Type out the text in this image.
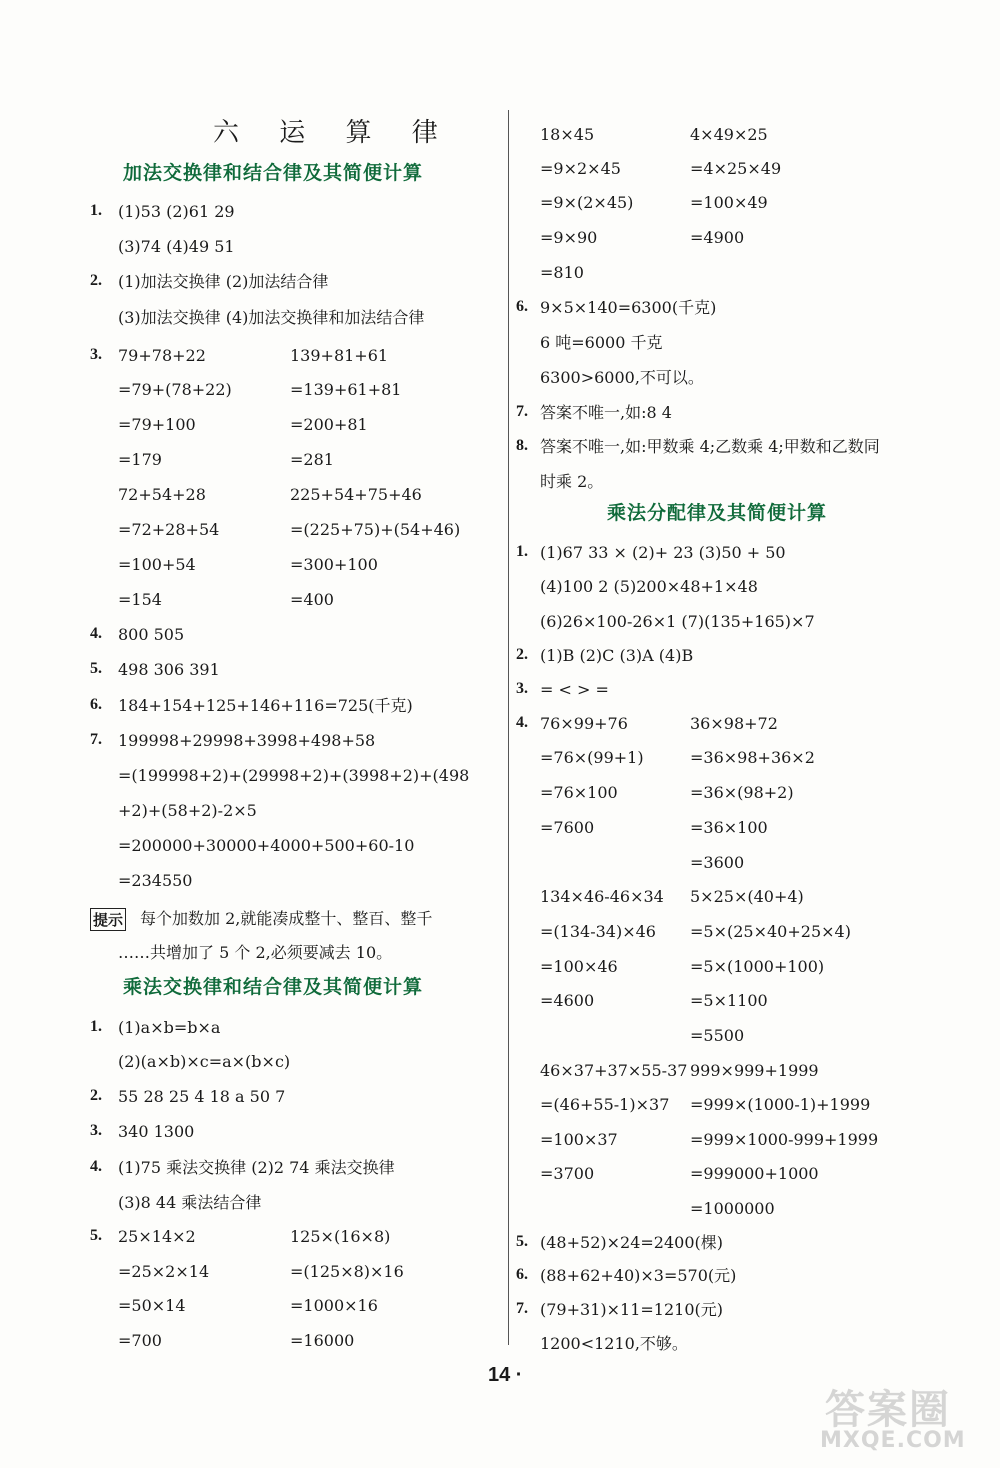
六 运 算 律
加法交换律和结合律及其简便计算
乘法交换律和结合律及其简便计算
乘法分配律及其简便计算
1. (1)53 (2)61 29
(3)74 (4)49 51
2. (1)加法交换律 (2)加法结合律
(3)加法交换律 (4)加法交换律和加法结合律
3. 79+78+22	139+81+61
=79+(78+22)	=139+61+81
=79+100	=200+81
=179	=281
72+54+28	225+54+75+46
=72+28+54	=(225+75)+(54+46)
=100+54	=300+100
=154	=400
4. 800 505
5. 498 306 391
6. 184+154+125+146+116=725(千克)
7. 199998+29998+3998+498+58
=(199998+2)+(29998+2)+(3998+2)+(498
+2)+(58+2)-2×5
=200000+30000+4000+500+60-10
=234550
提示 每个加数加 2,就能凑成整十、整百、整千
……共增加了 5 个 2,必须要减去 10。
1. (1)a×b=b×a
(2)(a×b)×c=a×(b×c)
2. 55 28 25 4 18 a 50 7
3. 340 1300
4. (1)75 乘法交换律 (2)2 74 乘法交换律
(3)8 44 乘法结合律
5. 25×14×2	125×(16×8)
=25×2×14	=(125×8)×16
=50×14	=1000×16
=700	=16000
18×45	4×49×25
=9×2×45	=4×25×49
=9×(2×45)	=100×49
=9×90	=4900
=810
6. 9×5×140=6300(千克)
6 吨=6000 千克
6300>6000,不可以。
7. 答案不唯一,如:8 4
8. 答案不唯一,如:甲数乘 4;乙数乘 4;甲数和乙数同
时乘 2。
1. (1)67 33 × (2)+ 23 (3)50 + 50
(4)100 2 (5)200×48+1×48
(6)26×100-26×1 (7)(135+165)×7
2. (1)B (2)C (3)A (4)B
3. = < > =
4. 76×99+76	36×98+72
=76×(99+1)	=36×98+36×2
=76×100	=36×(98+2)
=7600	=36×100
=3600
134×46-46×34 5×25×(40+4)
=(134-34)×46 =5×(25×40+25×4)
=100×46	=5×(1000+100)
=4600	=5×1100
=5500
46×37+37×55-37 999×999+1999
=(46+55-1)×37 =999×(1000-1)+1999
=100×37	=999×1000-999+1999
=3700	=999000+1000
=1000000
5. (48+52)×24=2400(棵)
6. (88+62+40)×3=570(元)
7. (79+31)×11=1210(元)
1200<1210,不够。
14 ·
答案圈
MXQE.COM
